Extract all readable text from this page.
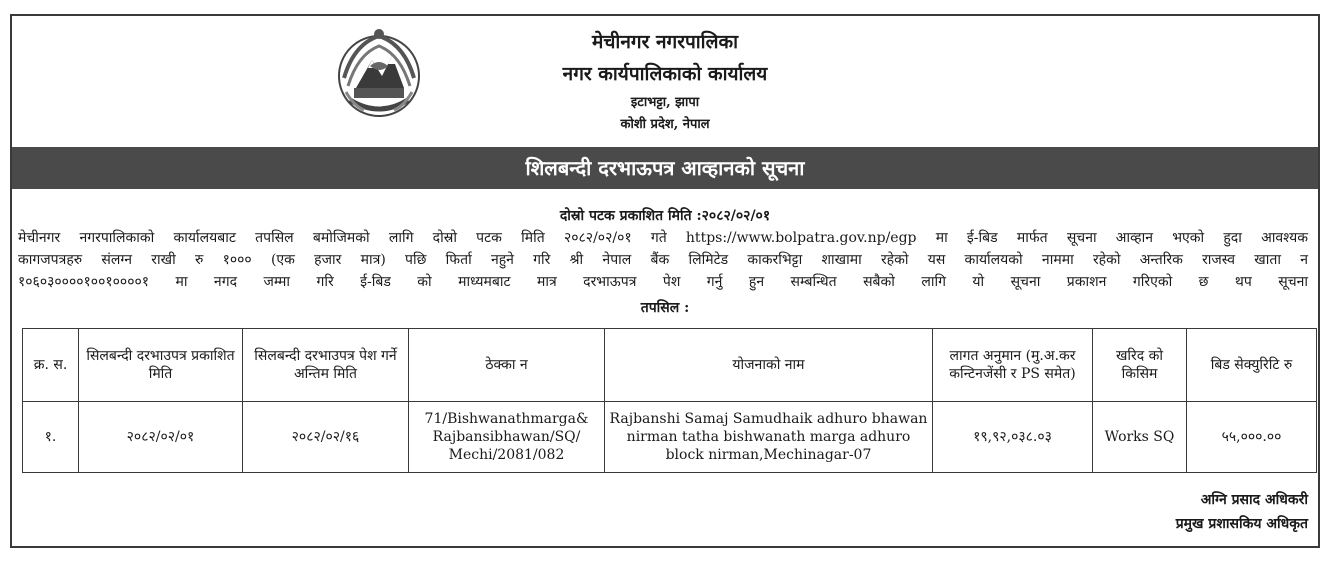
मेचीनगर नगरपालिका
नगर कार्यपालिकाको कार्यालय
इटाभट्टा, झापा
कोशी प्रदेश, नेपाल
शिलबन्दी दरभाऊपत्र आव्हानको सूचना
दोस्रो पटक प्रकाशित मिति :२०८२/०२/०१
मेचीनगर नगरपालिकाको कार्यालयबाट तपसिल बमोजिमको लागि दोस्रो पटक मिति २०८२/०२/०१ गते https://www.bolpatra.gov.np/egp मा ई-बिड मार्फत सूचना आव्हान भएको हुदा आवश्यक
कागजपत्रहरु संलग्न राखी रु १००० (एक हजार मात्र) पछि फिर्ता नहुने गरि श्री नेपाल बैंक लिमिटेड काकरभिट्टा शाखामा रहेको यस कार्यालयको नाममा रहेको अन्तरिक राजस्व खाता न
१०६०३००००१००१००००१ मा नगद जम्मा गरि ई-बिड को माध्यमबाट मात्र दरभाऊपत्र पेश गर्नु हुन सम्बन्धित सबैको लागि यो सूचना प्रकाशन गरिएको छ थप सूचना
तपसिल :
क्र. स.	सिलबन्दी दरभाउपत्र प्रकाशित मिति	सिलबन्दी दरभाउपत्र पेश गर्ने अन्तिम मिति	ठेक्का न	योजनाको नाम	लागत अनुमान (मु.अ.कर कन्टिनजेंसी र PS समेत)	खरिद को किसिम	बिड सेक्युरिटि रु
१.	२०८२/०२/०१	२०८२/०२/१६	71/Bishwanathmarga& Rajbansibhawan/SQ/ Mechi/2081/082	Rajbanshi Samaj Samudhaik adhuro bhawan nirman tatha bishwanath marga adhuro block nirman,Mechinagar-07	१९,९२,०३८.०३	Works SQ	५५,०००.००
अग्नि प्रसाद अधिकरी
प्रमुख प्रशासकिय अधिकृत
